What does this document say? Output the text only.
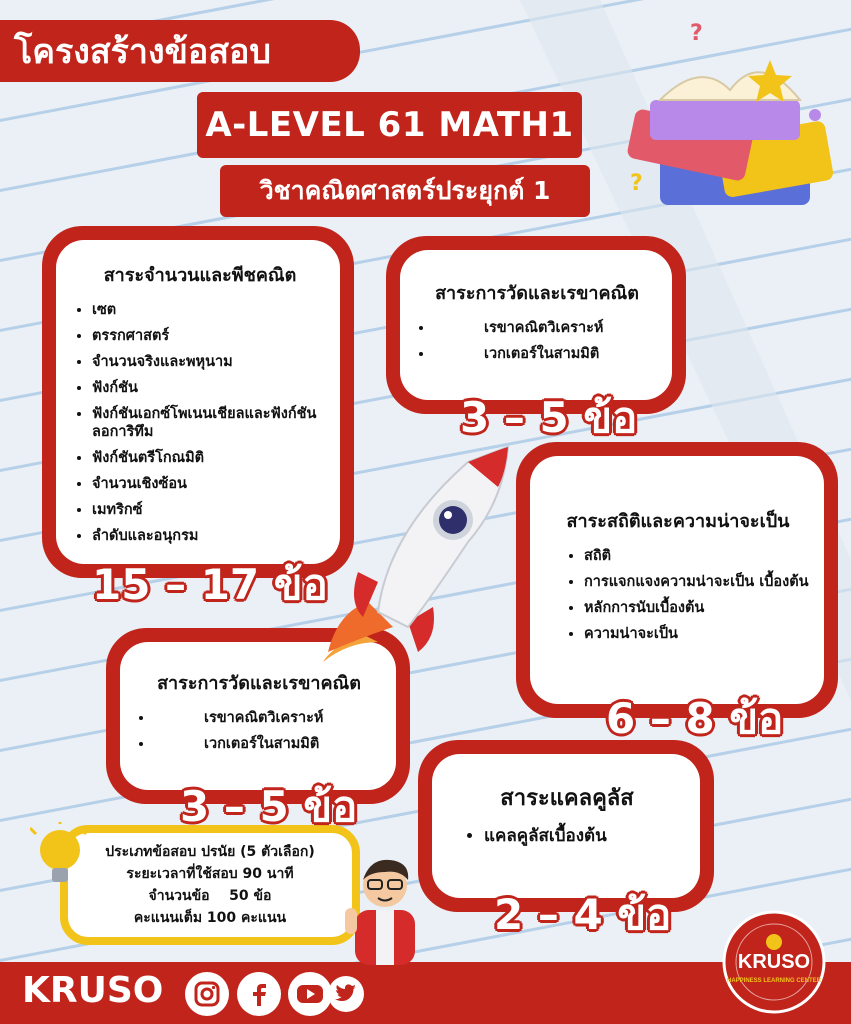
โครงสร้างข้อสอบ
A-LEVEL 61 MATH1
วิชาคณิตศาสตร์ประยุกต์ 1
?
?
สาระจำนวนและพีชคณิต
• เซต
• ตรรกศาสตร์
• จำนวนจริงและพหุนาม
• ฟังก์ชัน
• ฟังก์ชันเอกซ์โพเนนเชียลและฟังก์ชัน ลอการิทึม
• ฟังก์ชันตรีโกณมิติ
• จำนวนเชิงซ้อน
• เมทริกซ์
• ลำดับและอนุกรม
15 – 17 ข้อ
สาระการวัดและเรขาคณิต
• เรขาคณิตวิเคราะห์
• เวกเตอร์ในสามมิติ
3 – 5 ข้อ
สาระสถิติและความน่าจะเป็น
• สถิติ
• การแจกแจงความน่าจะเป็น เบื้องต้น
• หลักการนับเบื้องต้น
• ความน่าจะเป็น
6 – 8 ข้อ
สาระการวัดและเรขาคณิต
• เรขาคณิตวิเคราะห์
• เวกเตอร์ในสามมิติ
3 – 5 ข้อ	สาระแคลคูลัส
• แคลคูลัสเบื้องต้น
2 – 4 ข้อ
ประเภทข้อสอบ ปรนัย (5 ตัวเลือก)
ระยะเวลาที่ใช้สอบ 90 นาที
จำนวนข้อ    50 ข้อ
คะแนนเต็ม 100 คะแนน
KRUSO
KRUSO
HAPPINESS LEARNING CENTER
